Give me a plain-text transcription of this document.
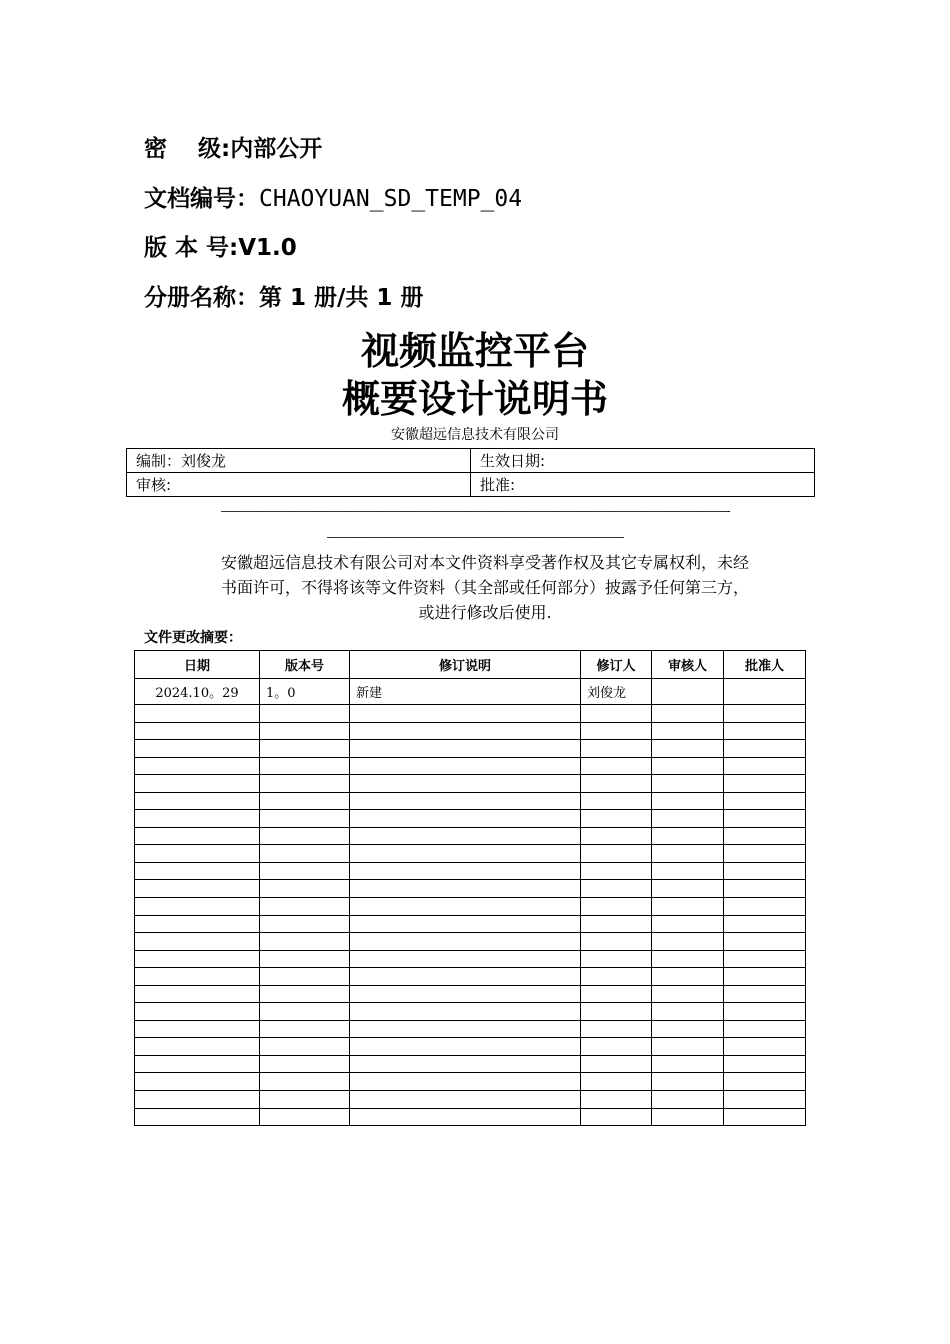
密　 级:内部公开
文档编号：CHAOYUAN_SD_TEMP_04
版 本 号:V1.0
分册名称：第 1 册/共 1 册
视频监控平台
概要设计说明书
安徽超远信息技术有限公司
编制：刘俊龙	生效日期:
审核:	批准:
——————————————————————————————————————————————-
———————————————————————————
安徽超远信息技术有限公司对本文件资料享受著作权及其它专属权利，未经
书面许可，不得将该等文件资料（其全部或任何部分）披露予任何第三方，
或进行修改后使用.
文件更改摘要：
日期	版本号	修订说明	修订人	审核人	批准人
2024.10。29	1。0	新建	刘俊龙		
